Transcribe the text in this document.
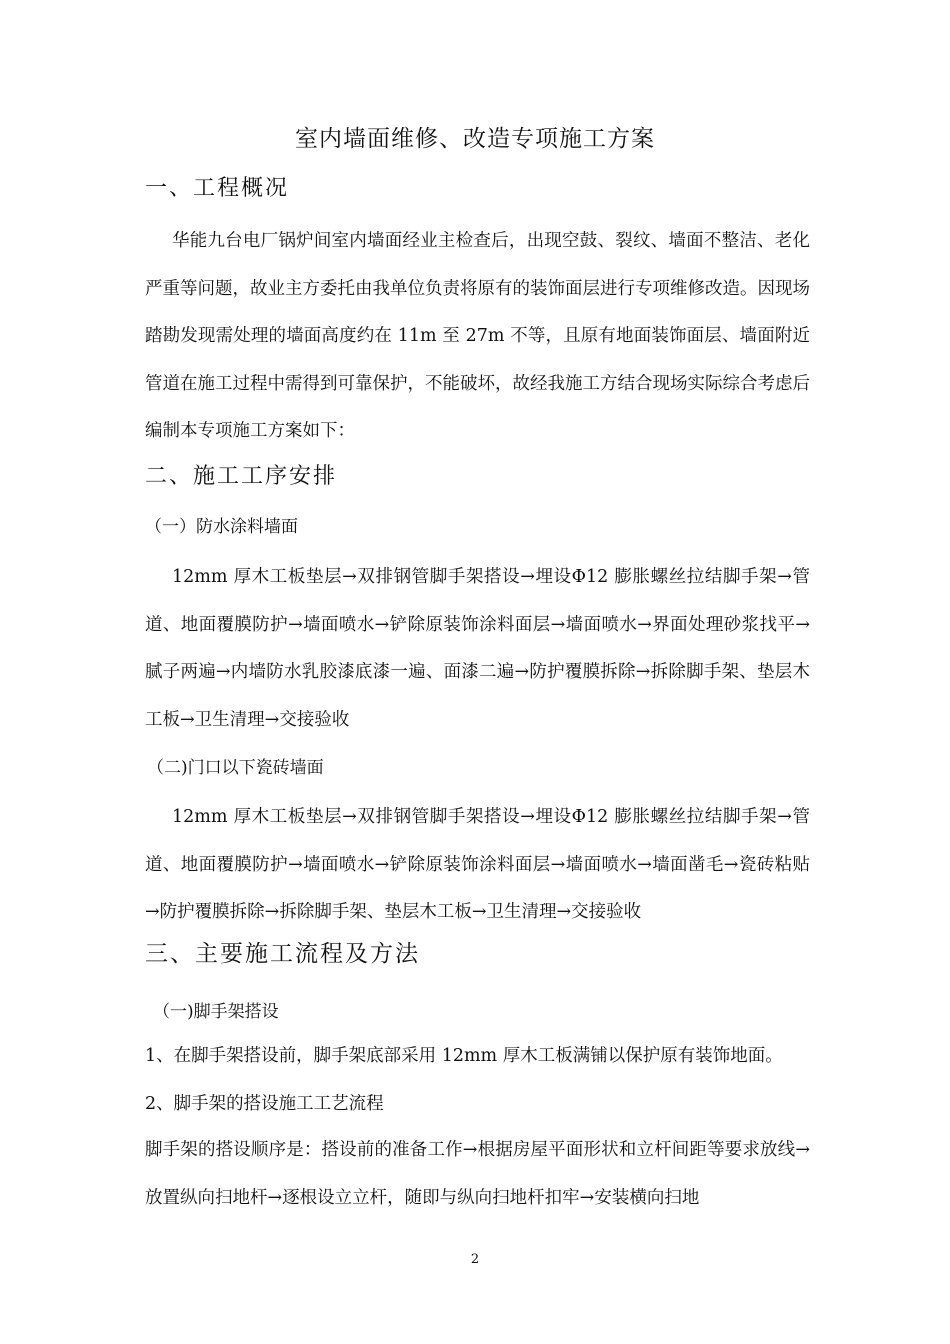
室内墙面维修、改造专项施工方案
一、工程概况
华能九台电厂锅炉间室内墙面经业主检查后，出现空鼓、裂纹、墙面不整洁、老化严重等问题，故业主方委托由我单位负责将原有的装饰面层进行专项维修改造。因现场踏勘发现需处理的墙面高度约在 11m 至 27m 不等，且原有地面装饰面层、墙面附近管道在施工过程中需得到可靠保护，不能破坏，故经我施工方结合现场实际综合考虑后编制本专项施工方案如下：
二、施工工序安排
（一）防水涂料墙面
12mm 厚木工板垫层→双排钢管脚手架搭设→埋设Φ12 膨胀螺丝拉结脚手架→管道、地面覆膜防护→墙面喷水→铲除原装饰涂料面层→墙面喷水→界面处理砂浆找平→腻子两遍→内墙防水乳胶漆底漆一遍、面漆二遍→防护覆膜拆除→拆除脚手架、垫层木工板→卫生清理→交接验收
（二)门口以下瓷砖墙面
12mm 厚木工板垫层→双排钢管脚手架搭设→埋设Φ12 膨胀螺丝拉结脚手架→管道、地面覆膜防护→墙面喷水→铲除原装饰涂料面层→墙面喷水→墙面凿毛→瓷砖粘贴→防护覆膜拆除→拆除脚手架、垫层木工板→卫生清理→交接验收
三、主要施工流程及方法
（一)脚手架搭设
1、在脚手架搭设前，脚手架底部采用 12mm 厚木工板满铺以保护原有装饰地面。
2、脚手架的搭设施工工艺流程
脚手架的搭设顺序是：搭设前的准备工作→根据房屋平面形状和立杆间距等要求放线→放置纵向扫地杆→逐根设立立杆，随即与纵向扫地杆扣牢→安装横向扫地
2
